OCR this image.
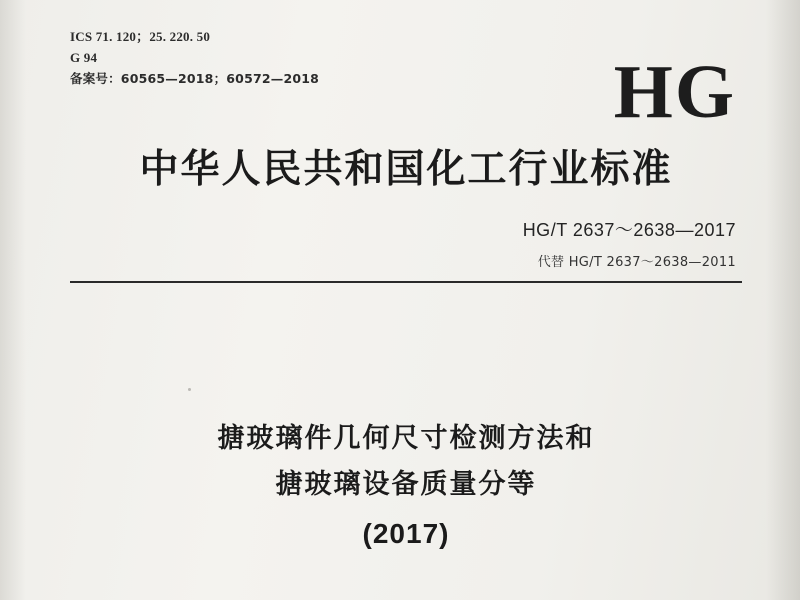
ICS 71. 120；25. 220. 50
G 94
备案号：60565—2018；60572—2018	HG
中华人民共和国化工行业标准
HG/T 2637～2638—2017
代替 HG/T 2637～2638—2011
搪玻璃件几何尺寸检测方法和
搪玻璃设备质量分等
(2017)
